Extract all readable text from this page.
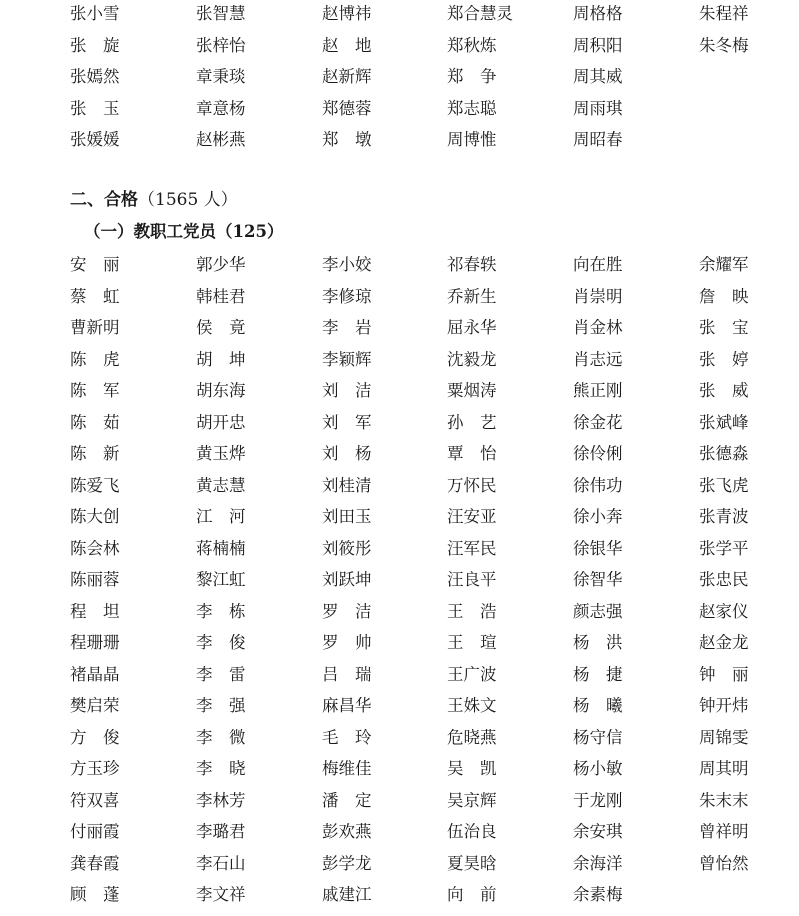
张小雪	张智慧	赵博祎	郑合慧灵	周格格	朱程祥
张　旋	张梓怡	赵　地	郑秋炼	周积阳	朱冬梅
张嫣然	章秉琰	赵新辉	郑　争	周其威
张　玉	章意杨	郑德蓉	郑志聪	周雨琪
张媛媛	赵彬燕	郑　墩	周博惟	周昭春
二、合格（1565 人）
（一）教职工党员（125）
安　丽	郭少华	李小姣	祁春轶	向在胜	余耀军
蔡　虹	韩桂君	李修琼	乔新生	肖崇明	詹　映
曹新明	侯　竟	李　岩	屈永华	肖金林	张　宝
陈　虎	胡　坤	李颖辉	沈毅龙	肖志远	张　婷
陈　军	胡东海	刘　洁	粟烟涛	熊正刚	张　威
陈　茹	胡开忠	刘　军	孙　艺	徐金花	张斌峰
陈　新	黄玉烨	刘　杨	覃　怡	徐伶俐	张德淼
陈爱飞	黄志慧	刘桂清	万怀民	徐伟功	张飞虎
陈大创	江　河	刘田玉	汪安亚	徐小奔	张青波
陈会林	蒋楠楠	刘筱彤	汪军民	徐银华	张学平
陈丽蓉	黎江虹	刘跃坤	汪良平	徐智华	张忠民
程　坦	李　栋	罗　洁	王　浩	颜志强	赵家仪
程珊珊	李　俊	罗　帅	王　瑄	杨　洪	赵金龙
褚晶晶	李　雷	吕　瑞	王广波	杨　捷	钟　丽
樊启荣	李　强	麻昌华	王姝文	杨　曦	钟开炜
方　俊	李　微	毛　玲	危晓燕	杨守信	周锦雯
方玉珍	李　晓	梅维佳	吴　凯	杨小敏	周其明
符双喜	李林芳	潘　定	吴京辉	于龙刚	朱末末
付丽霞	李璐君	彭欢燕	伍治良	余安琪	曾祥明
龚春霞	李石山	彭学龙	夏昊晗	余海洋	曾怡然
顾　蓬	李文祥	戚建江	向　前	余素梅
